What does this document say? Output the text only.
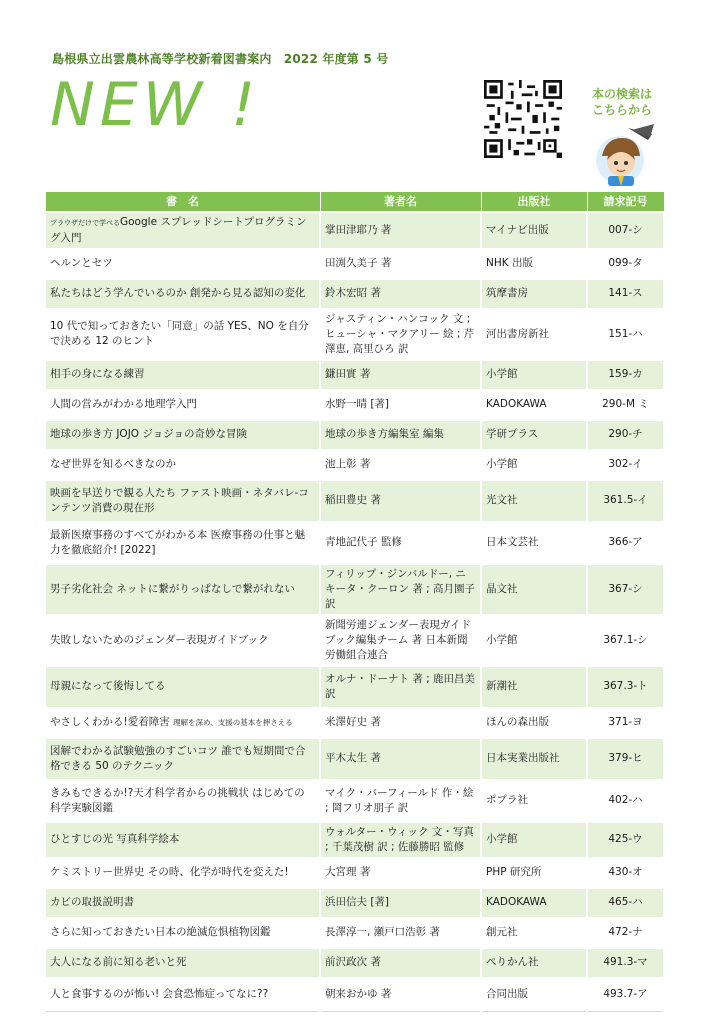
島根県立出雲農林高等学校新着図書案内　2022 年度第 5 号
NEW !	本の検索は
こちらから
書　名	著者名	出版社	請求記号
ブラウザだけで学べるGoogle スプレッドシートプログラミング入門	掌田津耶乃 著	マイナビ出版	007-シ
ヘルンとセツ	田渕久美子 著	NHK 出版	099-タ
私たちはどう学んでいるのか 創発から見る認知の変化	鈴木宏昭 著	筑摩書房	141-ス
10 代で知っておきたい「同意」の話 YES、NO を自分で決める 12 のヒント	ジャスティン・ハンコック 文 ; ヒューシャ・マクアリー 絵 ; 芹澤恵, 高里ひろ 訳	河出書房新社	151-ハ
相手の身になる練習	鎌田實 著	小学館	159-カ
人間の営みがわかる地理学入門	水野一晴 [著]	KADOKAWA	290-M ミ
地球の歩き方 JOJO ジョジョの奇妙な冒険	地球の歩き方編集室 編集	学研プラス	290-チ
なぜ世界を知るべきなのか	池上彰 著	小学館	302-イ
映画を早送りで観る人たち ファスト映画・ネタバレ-コンテンツ消費の現在形	稲田豊史 著	光文社	361.5-イ
最新医療事務のすべてがわかる本 医療事務の仕事と魅力を徹底紹介! [2022]	青地記代子 監修	日本文芸社	366-ア
男子劣化社会 ネットに繋がりっぱなしで繋がれない	フィリップ・ジンバルドー, ニキータ・クーロン 著 ; 高月園子 訳	晶文社	367-シ
失敗しないためのジェンダー表現ガイドブック	新聞労連ジェンダー表現ガイドブック編集チーム 著 日本新聞労働組合連合	小学館	367.1-シ
母親になって後悔してる	オルナ・ドーナト 著 ; 鹿田昌美 訳	新潮社	367.3-ト
やさしくわかる!愛着障害 理解を深め、支援の基本を押さえる	米澤好史 著	ほんの森出版	371-ヨ
図解でわかる試験勉強のすごいコツ 誰でも短期間で合格できる 50 のテクニック	平木太生 著	日本実業出版社	379-ヒ
きみもできるか!?天才科学者からの挑戦状 はじめての科学実験図鑑	マイク・バーフィールド 作・絵 ; 岡フリオ朋子 訳	ポプラ社	402-ハ
ひとすじの光 写真科学絵本	ウォルター・ウィック 文・写真 ; 千葉茂樹 訳 ; 佐藤勝昭 監修	小学館	425-ウ
ケミストリー世界史 その時、化学が時代を変えた!	大宮理 著	PHP 研究所	430-オ
カビの取扱説明書	浜田信夫 [著]	KADOKAWA	465-ハ
さらに知っておきたい日本の絶滅危惧植物図鑑	長澤淳一, 瀬戸口浩彰 著	創元社	472-ナ
大人になる前に知る老いと死	前沢政次 著	ぺりかん社	491.3-マ
人と食事するのが怖い! 会食恐怖症ってなに??	朝来おかゆ 著	合同出版	493.7-ア
